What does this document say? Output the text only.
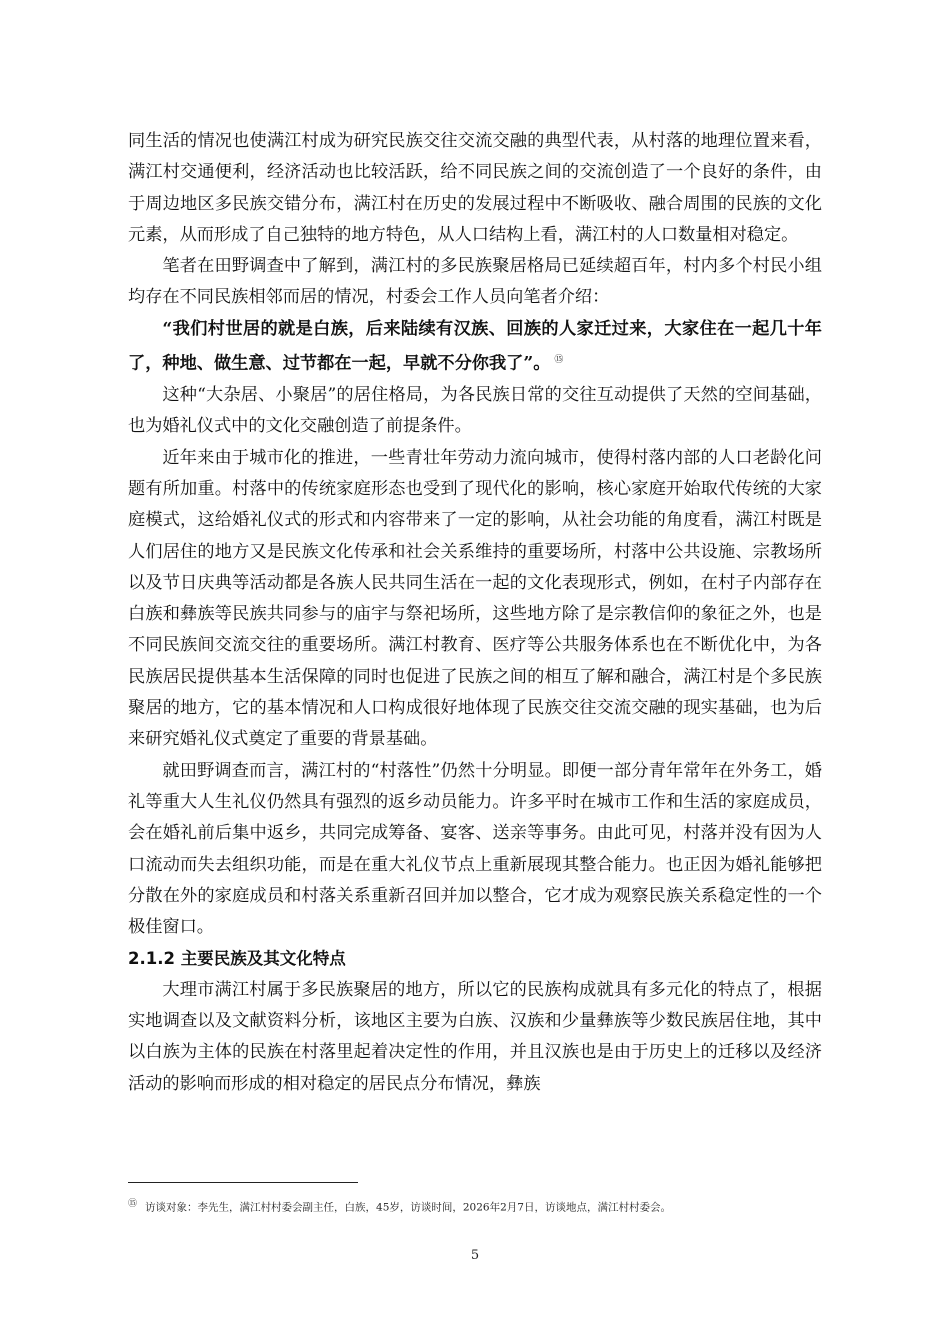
同生活的情况也使满江村成为研究民族交往交流交融的典型代表，从村落的地理位置来看，满江村交通便利，经济活动也比较活跃，给不同民族之间的交流创造了一个良好的条件，由于周边地区多民族交错分布，满江村在历史的发展过程中不断吸收、融合周围的民族的文化元素，从而形成了自己独特的地方特色，从人口结构上看，满江村的人口数量相对稳定。

笔者在田野调查中了解到，满江村的多民族聚居格局已延续超百年，村内多个村民小组均存在不同民族相邻而居的情况，村委会工作人员向笔者介绍：

“我们村世居的就是白族，后来陆续有汉族、回族的人家迁过来，大家住在一起几十年了，种地、做生意、过节都在一起，早就不分你我了”。 ⑮

这种“大杂居、小聚居”的居住格局，为各民族日常的交往互动提供了天然的空间基础，也为婚礼仪式中的文化交融创造了前提条件。

近年来由于城市化的推进，一些青壮年劳动力流向城市，使得村落内部的人口老龄化问题有所加重。村落中的传统家庭形态也受到了现代化的影响，核心家庭开始取代传统的大家庭模式，这给婚礼仪式的形式和内容带来了一定的影响，从社会功能的角度看，满江村既是人们居住的地方又是民族文化传承和社会关系维持的重要场所，村落中公共设施、宗教场所以及节日庆典等活动都是各族人民共同生活在一起的文化表现形式，例如，在村子内部存在白族和彝族等民族共同参与的庙宇与祭祀场所，这些地方除了是宗教信仰的象征之外，也是不同民族间交流交往的重要场所。满江村教育、医疗等公共服务体系也在不断优化中，为各民族居民提供基本生活保障的同时也促进了民族之间的相互了解和融合，满江村是个多民族聚居的地方，它的基本情况和人口构成很好地体现了民族交往交流交融的现实基础，也为后来研究婚礼仪式奠定了重要的背景基础。

就田野调查而言，满江村的“村落性”仍然十分明显。即便一部分青年常年在外务工，婚礼等重大人生礼仪仍然具有强烈的返乡动员能力。许多平时在城市工作和生活的家庭成员，会在婚礼前后集中返乡，共同完成筹备、宴客、送亲等事务。由此可见，村落并没有因为人口流动而失去组织功能，而是在重大礼仪节点上重新展现其整合能力。也正因为婚礼能够把分散在外的家庭成员和村落关系重新召回并加以整合，它才成为观察民族关系稳定性的一个极佳窗口。

2.1.2 主要民族及其文化特点

大理市满江村属于多民族聚居的地方，所以它的民族构成就具有多元化的特点了，根据实地调查以及文献资料分析，该地区主要为白族、汉族和少量彝族等少数民族居住地，其中以白族为主体的民族在村落里起着决定性的作用，并且汉族也是由于历史上的迁移以及经济活动的影响而形成的相对稳定的居民点分布情况，彝族

⑮ 访谈对象：李先生，满江村村委会副主任，白族，45岁，访谈时间，2026年2月7日，访谈地点，满江村村委会。
5
